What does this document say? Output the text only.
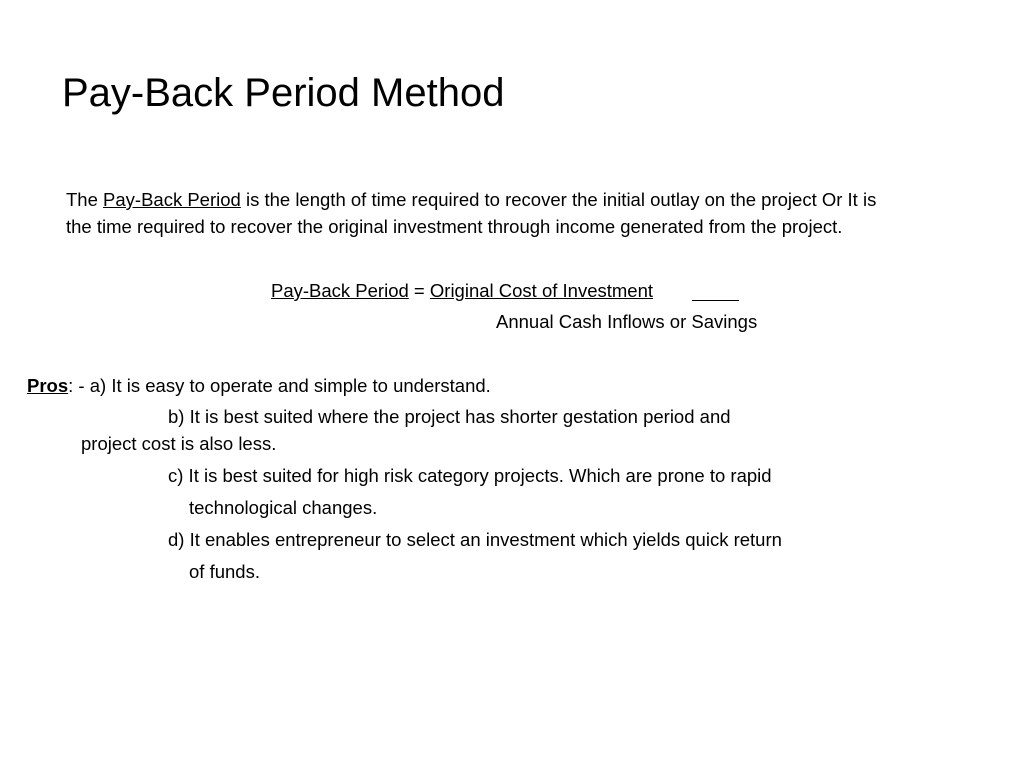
Pay-Back Period Method
The Pay-Back Period is the length of time required to recover the initial outlay on the project Or It is
the time required to recover the original investment through income generated from the project.
Pay-Back Period = Original Cost of Investment
Annual Cash Inflows or Savings
Pros: - a) It is easy to operate and simple to understand.
b) It is best suited where the project has shorter gestation period and
project cost is also less.
c) It is best suited for high risk category projects. Which are prone to rapid
technological changes.
d) It enables entrepreneur to select an investment which yields quick return
of funds.
